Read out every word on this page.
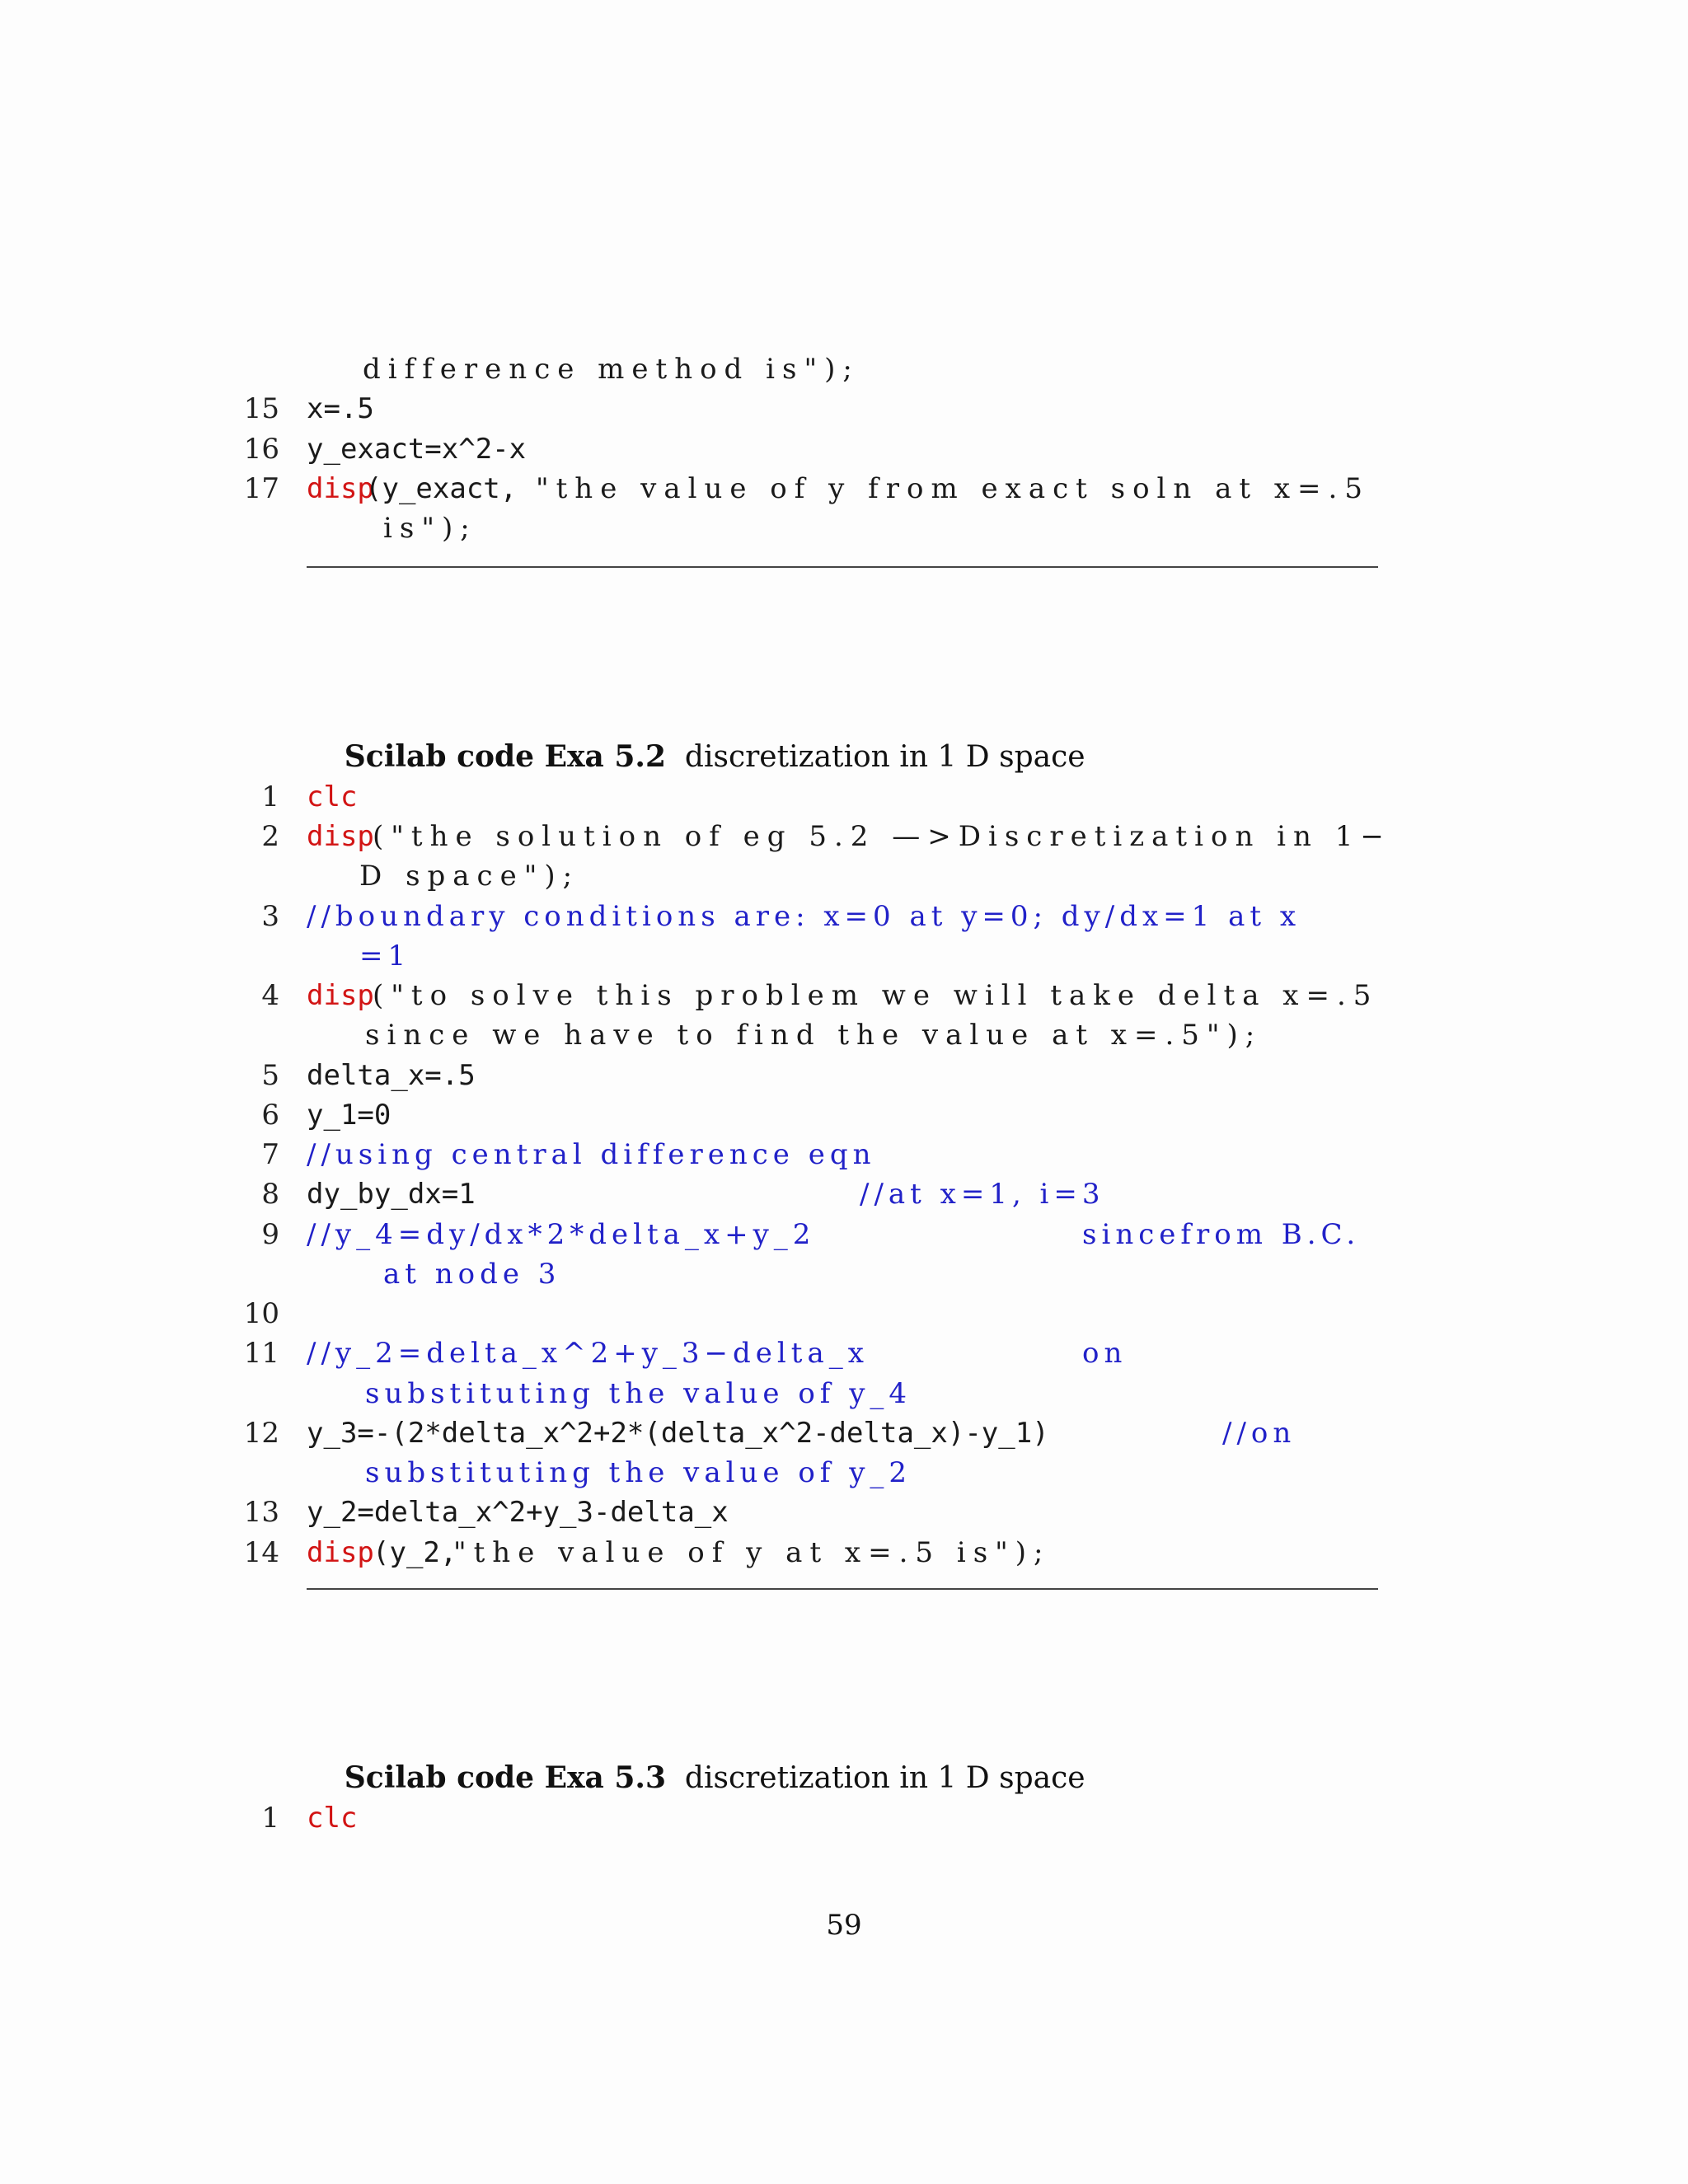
difference method is");
15 x=.5
16 y_exact=x^2-x
17 disp
(y_exact, "the value of y from exact soln at x=.5
is");

Scilab code Exa 5.2 discretization in 1 D space

1 clc
2 disp
("the solution of eg 5.2 —>Discretization in 1−
D space");
3 //boundary conditions are: x=0 at y=0; dy/dx=1 at x
=1
4 disp
("to solve this problem we will take delta x=.5
since we have to find the value at x=.5");
5 delta_x=.5
6 y_1=0
7 //using central difference eqn
8 dy_by_dx=1	//at x=1, i=3
9 //y_4=dy/dx*2*delta_x+y_2	sincefrom B.C.
at node 3
10
11 //y_2=delta_x^2+y_3−delta_x	on
substituting the value of y_4
12 y_3=-(2*delta_x^2+2*(delta_x^2-delta_x)-y_1)	//on
substituting the value of y_2
13 y_2=delta_x^2+y_3-delta_x
14 disp
(y_2,
"the value of y at x=.5 is");

Scilab code Exa 5.3 discretization in 1 D space

1 clc
59
